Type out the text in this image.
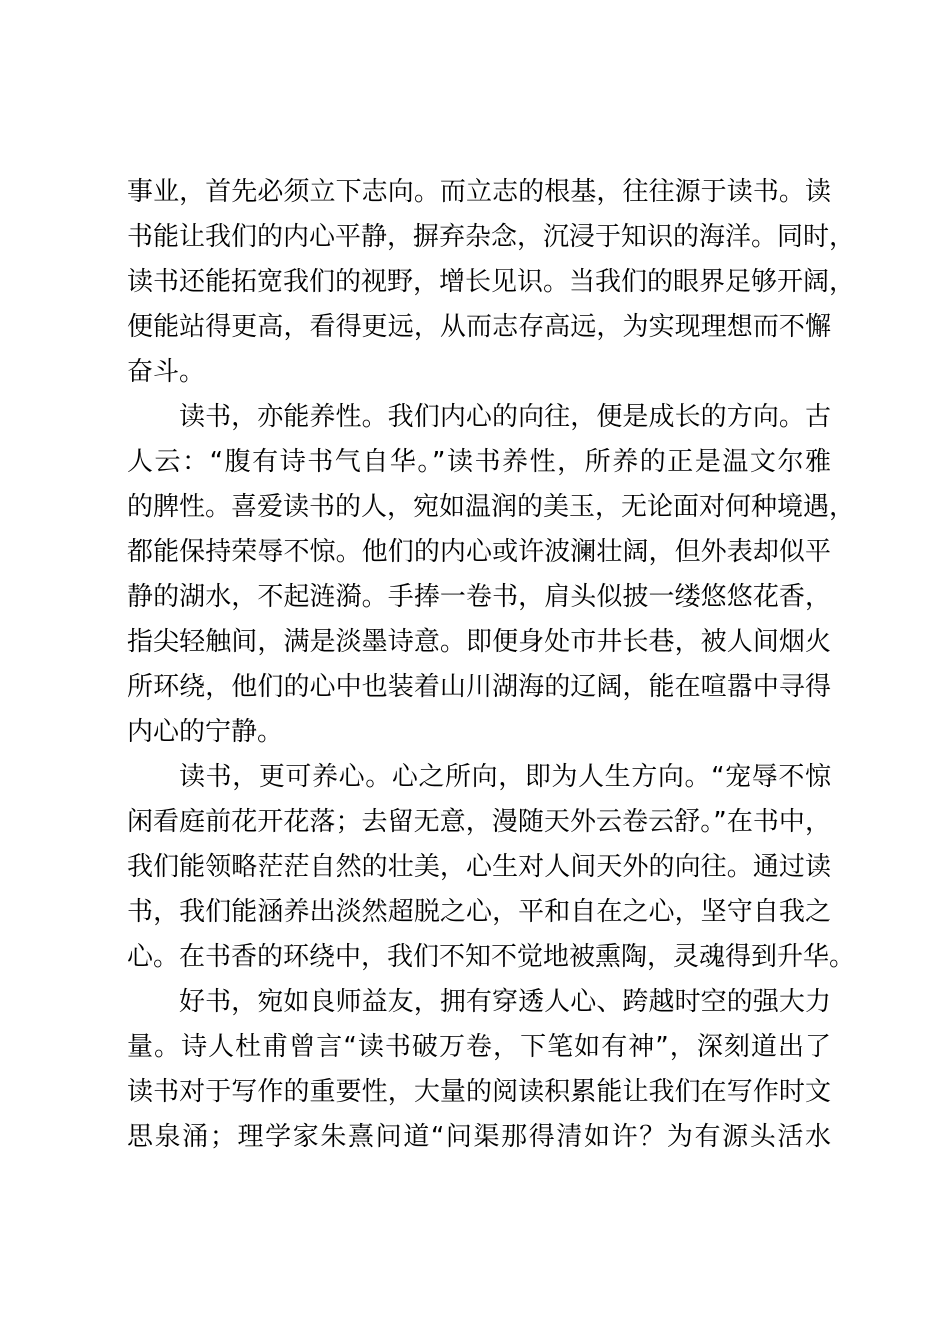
事业，首先必须立下志向。而立志的根基，往往源于读书。读
书能让我们的内心平静，摒弃杂念，沉浸于知识的海洋。同时，
读书还能拓宽我们的视野，增长见识。当我们的眼界足够开阔，
便能站得更高，看得更远，从而志存高远，为实现理想而不懈
奋斗。

读书，亦能养性。我们内心的向往，便是成长的方向。古
人云：“腹有诗书气自华。”读书养性，所养的正是温文尔雅
的脾性。喜爱读书的人，宛如温润的美玉，无论面对何种境遇，
都能保持荣辱不惊。他们的内心或许波澜壮阔，但外表却似平
静的湖水，不起涟漪。手捧一卷书，肩头似披一缕悠悠花香，
指尖轻触间，满是淡墨诗意。即便身处市井长巷，被人间烟火
所环绕，他们的心中也装着山川湖海的辽阔，能在喧嚣中寻得
内心的宁静。

读书，更可养心。心之所向，即为人生方向。“宠辱不惊
闲看庭前花开花落；去留无意，漫随天外云卷云舒。”在书中，
我们能领略茫茫自然的壮美，心生对人间天外的向往。通过读
书，我们能涵养出淡然超脱之心，平和自在之心，坚守自我之
心。在书香的环绕中，我们不知不觉地被熏陶，灵魂得到升华。

好书，宛如良师益友，拥有穿透人心、跨越时空的强大力
量。诗人杜甫曾言“读书破万卷，下笔如有神”，深刻道出了
读书对于写作的重要性，大量的阅读积累能让我们在写作时文
思泉涌；理学家朱熹问道“问渠那得清如许？为有源头活水
